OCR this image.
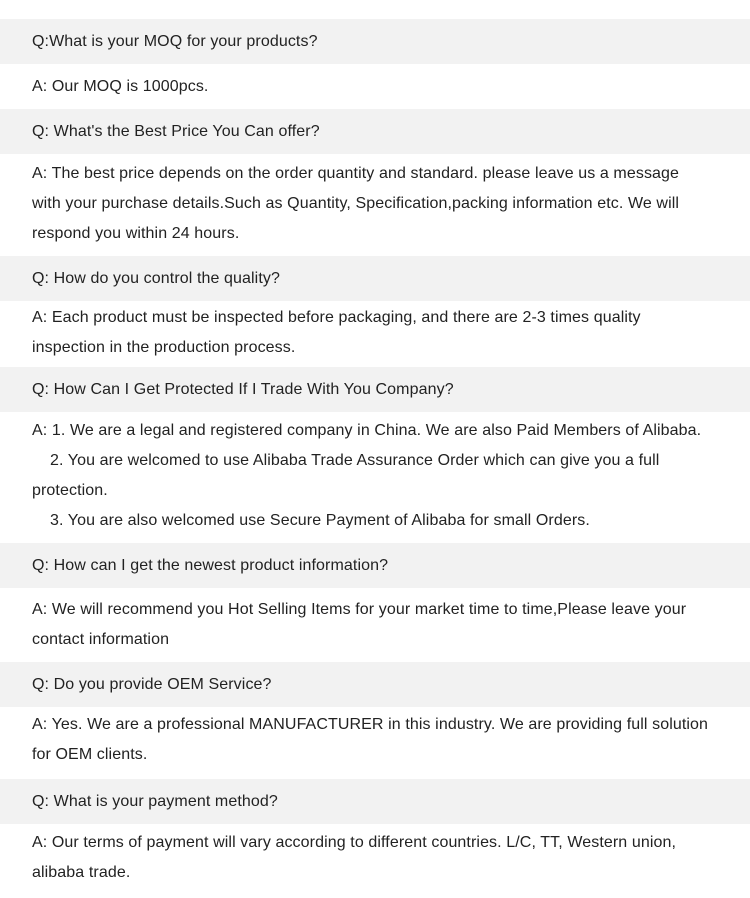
Q:What is your MOQ for your products?
A: Our MOQ is 1000pcs.
Q: What's the Best Price You Can offer?
A: The best price depends on the order quantity and standard. please leave us a message
with your purchase details.Such as Quantity, Specification,packing information etc. We will
respond you within 24 hours.
Q: How do you control the quality?
A: Each product must be inspected before packaging, and there are 2-3 times quality
inspection in the production process.
Q: How Can I Get Protected If I Trade With You Company?
A: 1. We are a legal and registered company in China. We are also Paid Members of Alibaba.
2. You are welcomed to use Alibaba Trade Assurance Order which can give you a full
protection.
3. You are also welcomed use Secure Payment of Alibaba for small Orders.
Q: How can I get the newest product information?
A: We will recommend you Hot Selling Items for your market time to time,Please leave your
contact information
Q: Do you provide OEM Service?
A: Yes. We are a professional MANUFACTURER in this industry. We are providing full solution
for OEM clients.
Q: What is your payment method?
A: Our terms of payment will vary according to different countries. L/C, TT, Western union,
alibaba trade.
